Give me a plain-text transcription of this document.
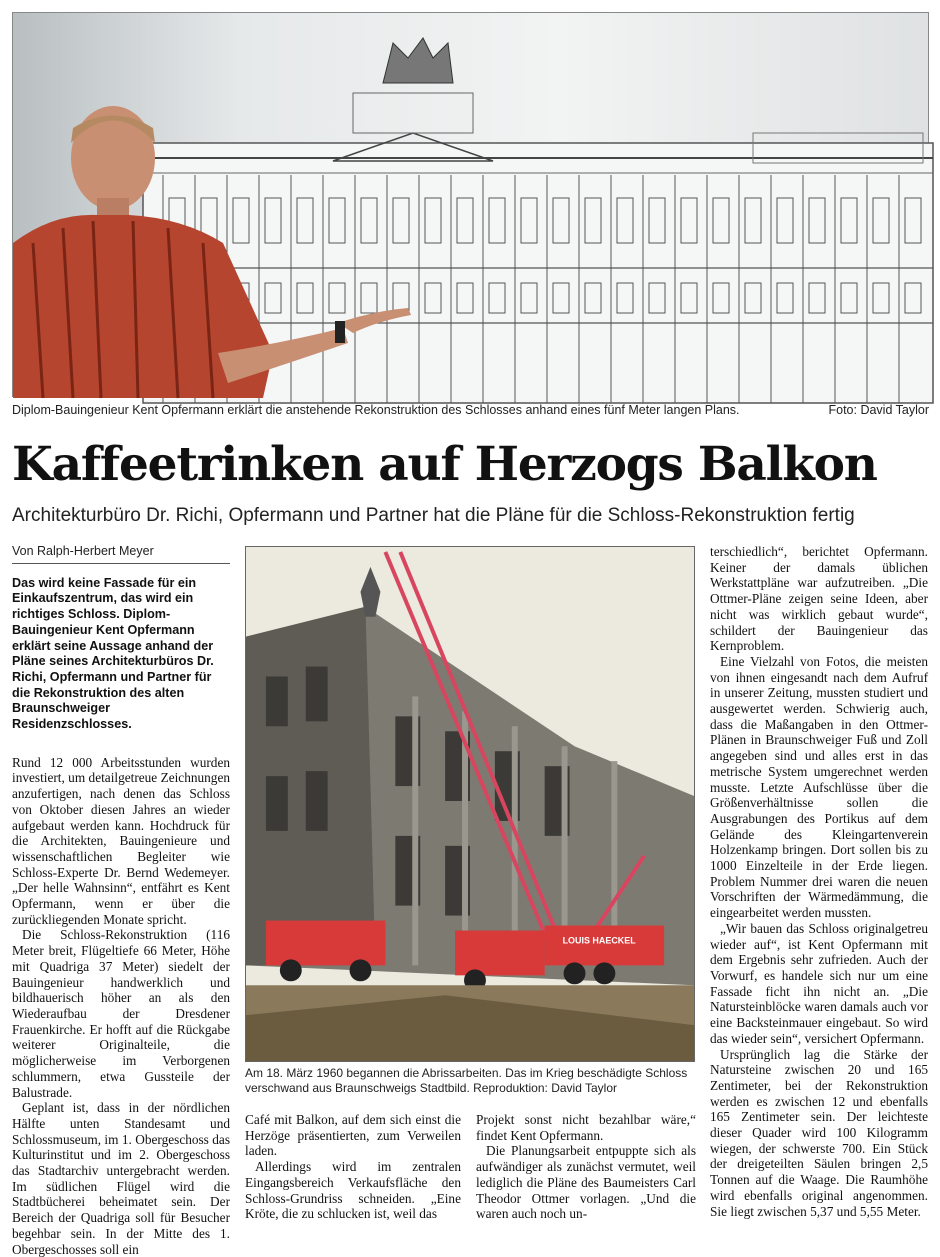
Diplom-Bauingenieur Kent Opfermann erklärt die anstehende Rekonstruktion des Schlosses anhand eines fünf Meter langen Plans.	Foto: David Taylor
Kaffeetrinken auf Herzogs Balkon
Architekturbüro Dr. Richi, Opfermann und Partner hat die Pläne für die Schloss-Rekonstruktion fertig
Von Ralph-Herbert Meyer
Das wird keine Fassade für ein Einkaufszentrum, das wird ein richtiges Schloss. Diplom-Bauingenieur Kent Opfermann erklärt seine Aussage anhand der Pläne seines Architekturbüros Dr. Richi, Opfermann und Partner für die Rekonstruktion des alten Braunschweiger Residenzschlosses.

Rund 12 000 Arbeitsstunden wurden investiert, um detailgetreue Zeichnungen anzufertigen, nach denen das Schloss von Oktober diesen Jahres an wieder aufgebaut werden kann. Hochdruck für die Architekten, Bauingenieure und wissenschaftlichen Begleiter wie Schloss-Experte Dr. Bernd Wedemeyer. „Der helle Wahnsinn“, entfährt es Kent Opfermann, wenn er über die zurückliegenden Monate spricht.

Die Schloss-Rekonstruktion (116 Meter breit, Flügeltiefe 66 Meter, Höhe mit Quadriga 37 Meter) siedelt der Bauingenieur handwerklich und bildhauerisch höher an als den Wiederaufbau der Dresdener Frauenkirche. Er hofft auf die Rückgabe weiterer Originalteile, die möglicherweise im Verborgenen schlummern, etwa Gussteile der Balustrade.

Geplant ist, dass in der nördlichen Hälfte unten Standesamt und Schlossmuseum, im 1. Obergeschoss das Kulturinstitut und im 2. Obergeschoss das Stadtarchiv untergebracht werden. Im südlichen Flügel wird die Stadtbücherei beheimatet sein. Der Bereich der Quadriga soll für Besucher begehbar sein. In der Mitte des 1. Obergeschosses soll ein

LOUIS HAECKEL
Am 18. März 1960 begannen die Abrissarbeiten. Das im Krieg beschädigte Schloss verschwand aus Braunschweigs Stadtbild. Reproduktion: David Taylor

Café mit Balkon, auf dem sich einst die Herzöge präsentierten, zum Verweilen laden.

Allerdings wird im zentralen Eingangsbereich Verkaufsfläche den Schloss-Grundriss schneiden. „Eine Kröte, die zu schlucken ist, weil das

Projekt sonst nicht bezahlbar wäre,“ findet Kent Opfermann.

Die Planungsarbeit entpuppte sich als aufwändiger als zunächst vermutet, weil lediglich die Pläne des Baumeisters Carl Theodor Ottmer vorlagen. „Und die waren auch noch un-

terschiedlich“, berichtet Opfermann. Keiner der damals üblichen Werkstattpläne war aufzutreiben. „Die Ottmer-Pläne zeigen seine Ideen, aber nicht was wirklich gebaut wurde“, schildert der Bauingenieur das Kernproblem.

Eine Vielzahl von Fotos, die meisten von ihnen eingesandt nach dem Aufruf in unserer Zeitung, mussten studiert und ausgewertet werden. Schwierig auch, dass die Maßangaben in den Ottmer-Plänen in Braunschweiger Fuß und Zoll angegeben sind und alles erst in das metrische System umgerechnet werden musste. Letzte Aufschlüsse über die Größenverhältnisse sollen die Ausgrabungen des Portikus auf dem Gelände des Kleingartenverein Holzenkamp bringen. Dort sollen bis zu 1000 Einzelteile in der Erde liegen. Problem Nummer drei waren die neuen Vorschriften der Wärmedämmung, die eingearbeitet werden mussten.

„Wir bauen das Schloss originalgetreu wieder auf“, ist Kent Opfermann mit dem Ergebnis sehr zufrieden. Auch der Vorwurf, es handele sich nur um eine Fassade ficht ihn nicht an. „Die Natursteinblöcke waren damals auch vor eine Backsteinmauer eingebaut. So wird das wieder sein“, versichert Opfermann.

Ursprünglich lag die Stärke der Natursteine zwischen 20 und 165 Zentimeter, bei der Rekonstruktion werden es zwischen 12 und ebenfalls 165 Zentimeter sein. Der leichteste dieser Quader wird 100 Kilogramm wiegen, der schwerste 700. Ein Stück der dreigeteilten Säulen bringen 2,5 Tonnen auf die Waage. Die Raumhöhe wird ebenfalls original angenommen. Sie liegt zwischen 5,37 und 5,55 Meter.
